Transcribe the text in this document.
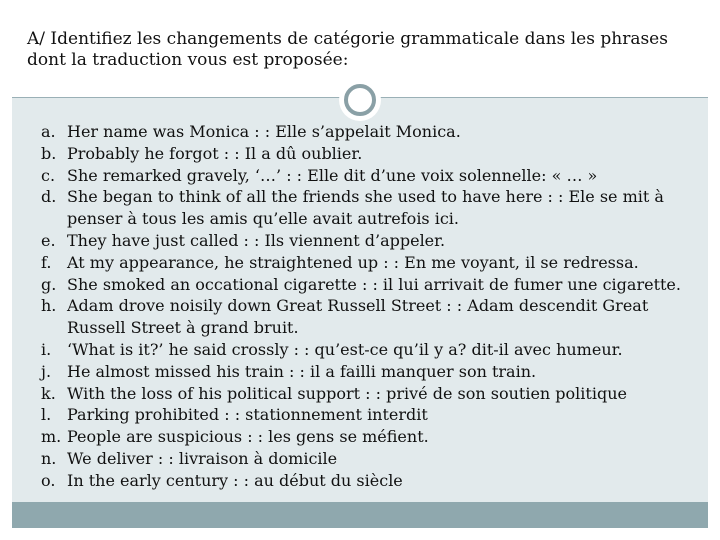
A/ Identifiez les changements de catégorie grammaticale dans les phrases dont la traduction vous est proposée:
a. Her name was Monica : : Elle s’appelait Monica.
b. Probably he forgot : : Il a dû oublier.
c. She remarked gravely, ‘…’ : : Elle dit d’une voix solennelle: « … »
d. She began to think of all the friends she used to have here : : Ele se mit à penser à tous les amis qu’elle avait autrefois ici.
e. They have just called : : Ils viennent d’appeler.
f. At my appearance, he straightened up : : En me voyant, il se redressa.
g. She smoked an occational cigarette : : il lui arrivait de fumer une cigarette.
h. Adam drove noisily down Great Russell Street : : Adam descendit Great Russell Street à grand bruit.
i. ‘What is it?’ he said crossly : : qu’est-ce qu’il y a? dit-il avec humeur.
j. He almost missed his train : : il a failli manquer son train.
k. With the loss of his political support : : privé de son soutien politique
l. Parking prohibited : : stationnement interdit
m. People are suspicious : : les gens se méfient.
n. We deliver : : livraison à domicile
o. In the early century : : au début du siècle
